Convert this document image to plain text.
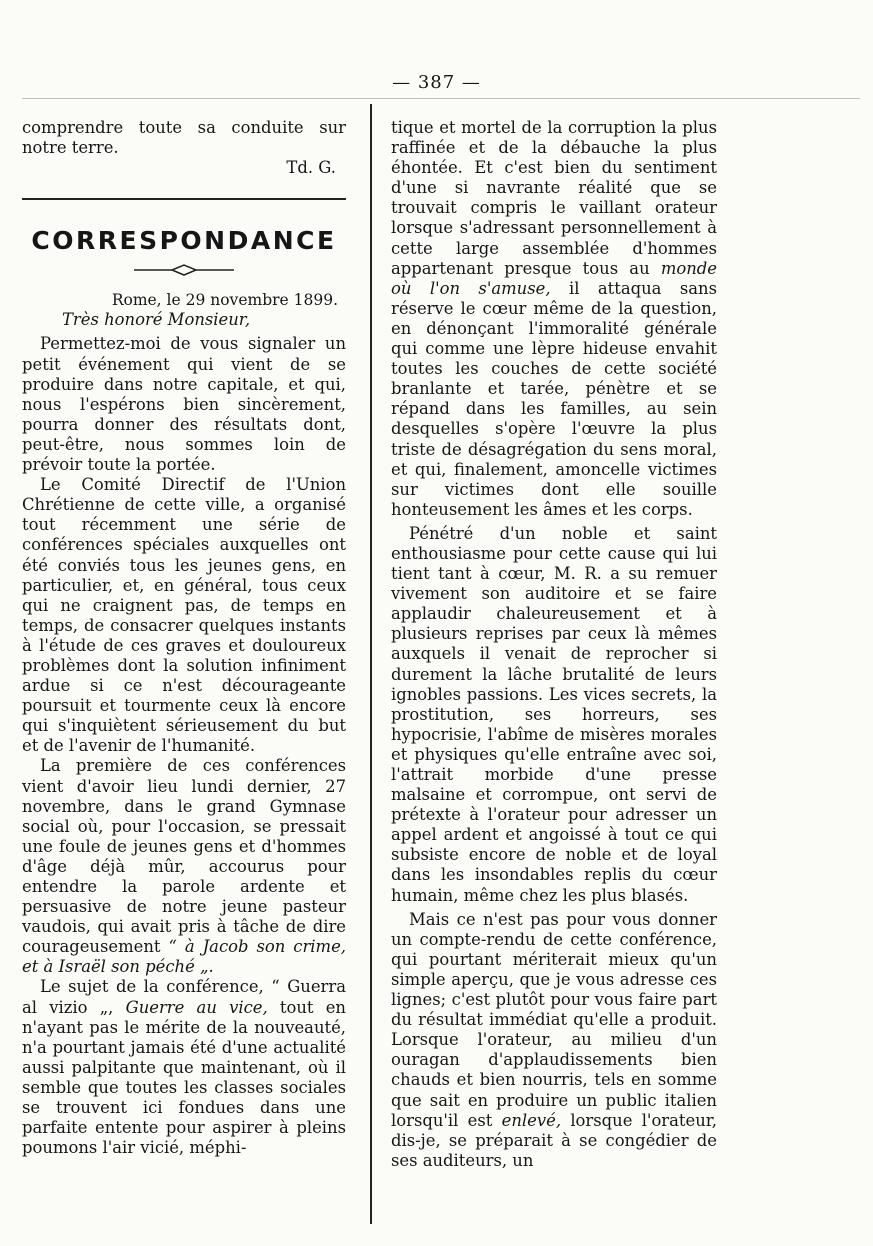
— 387 —

comprendre toute sa conduite sur notre terre.

Td. G.

CORRESPONDANCE

Rome, le 29 novembre 1899.

Très honoré Monsieur,

Permettez-moi de vous signaler un petit événement qui vient de se produire dans notre capitale, et qui, nous l'espérons bien sincèrement, pourra donner des résultats dont, peut-être, nous sommes loin de prévoir toute la portée.

Le Comité Directif de l'Union Chrétienne de cette ville, a organisé tout récemment une série de conférences spéciales auxquelles ont été conviés tous les jeunes gens, en particulier, et, en général, tous ceux qui ne craignent pas, de temps en temps, de consacrer quelques instants à l'étude de ces graves et douloureux problèmes dont la solution infiniment ardue si ce n'est décourageante poursuit et tourmente ceux là encore qui s'inquiètent sérieusement du but et de l'avenir de l'humanité.

La première de ces conférences vient d'avoir lieu lundi dernier, 27 novembre, dans le grand Gymnase social où, pour l'occasion, se pressait une foule de jeunes gens et d'hommes d'âge déjà mûr, accourus pour entendre la parole ardente et persuasive de notre jeune pasteur vaudois, qui avait pris à tâche de dire courageusement “ à Jacob son crime, et à Israël son péché „.

Le sujet de la conférence, “ Guerra al vizio „, Guerre au vice, tout en n'ayant pas le mérite de la nouveauté, n'a pourtant jamais été d'une actualité aussi palpitante que maintenant, où il semble que toutes les classes sociales se trouvent ici fondues dans une parfaite entente pour aspirer à pleins poumons l'air vicié, méphi-

tique et mortel de la corruption la plus raffinée et de la débauche la plus éhontée. Et c'est bien du sentiment d'une si navrante réalité que se trouvait compris le vaillant orateur lorsque s'adressant personnellement à cette large assemblée d'hommes appartenant presque tous au monde où l'on s'amuse, il attaqua sans réserve le cœur même de la question, en dénonçant l'immoralité générale qui comme une lèpre hideuse envahit toutes les couches de cette société branlante et tarée, pénètre et se répand dans les familles, au sein desquelles s'opère l'œuvre la plus triste de désagrégation du sens moral, et qui, finalement, amoncelle victimes sur victimes dont elle souille honteusement les âmes et les corps.

Pénétré d'un noble et saint enthousiasme pour cette cause qui lui tient tant à cœur, M. R. a su remuer vivement son auditoire et se faire applaudir chaleureusement et à plusieurs reprises par ceux là mêmes auxquels il venait de reprocher si durement la lâche brutalité de leurs ignobles passions. Les vices secrets, la prostitution, ses horreurs, ses hypocrisie, l'abîme de misères morales et physiques qu'elle entraîne avec soi, l'attrait morbide d'une presse malsaine et corrompue, ont servi de prétexte à l'orateur pour adresser un appel ardent et angoissé à tout ce qui subsiste encore de noble et de loyal dans les insondables replis du cœur humain, même chez les plus blasés.

Mais ce n'est pas pour vous donner un compte-rendu de cette conférence, qui pourtant mériterait mieux qu'un simple aperçu, que je vous adresse ces lignes; c'est plutôt pour vous faire part du résultat immédiat qu'elle a produit. Lorsque l'orateur, au milieu d'un ouragan d'applaudissements bien chauds et bien nourris, tels en somme que sait en produire un public italien lorsqu'il est enlevé, lorsque l'orateur, dis-je, se préparait à se congédier de ses auditeurs, un
